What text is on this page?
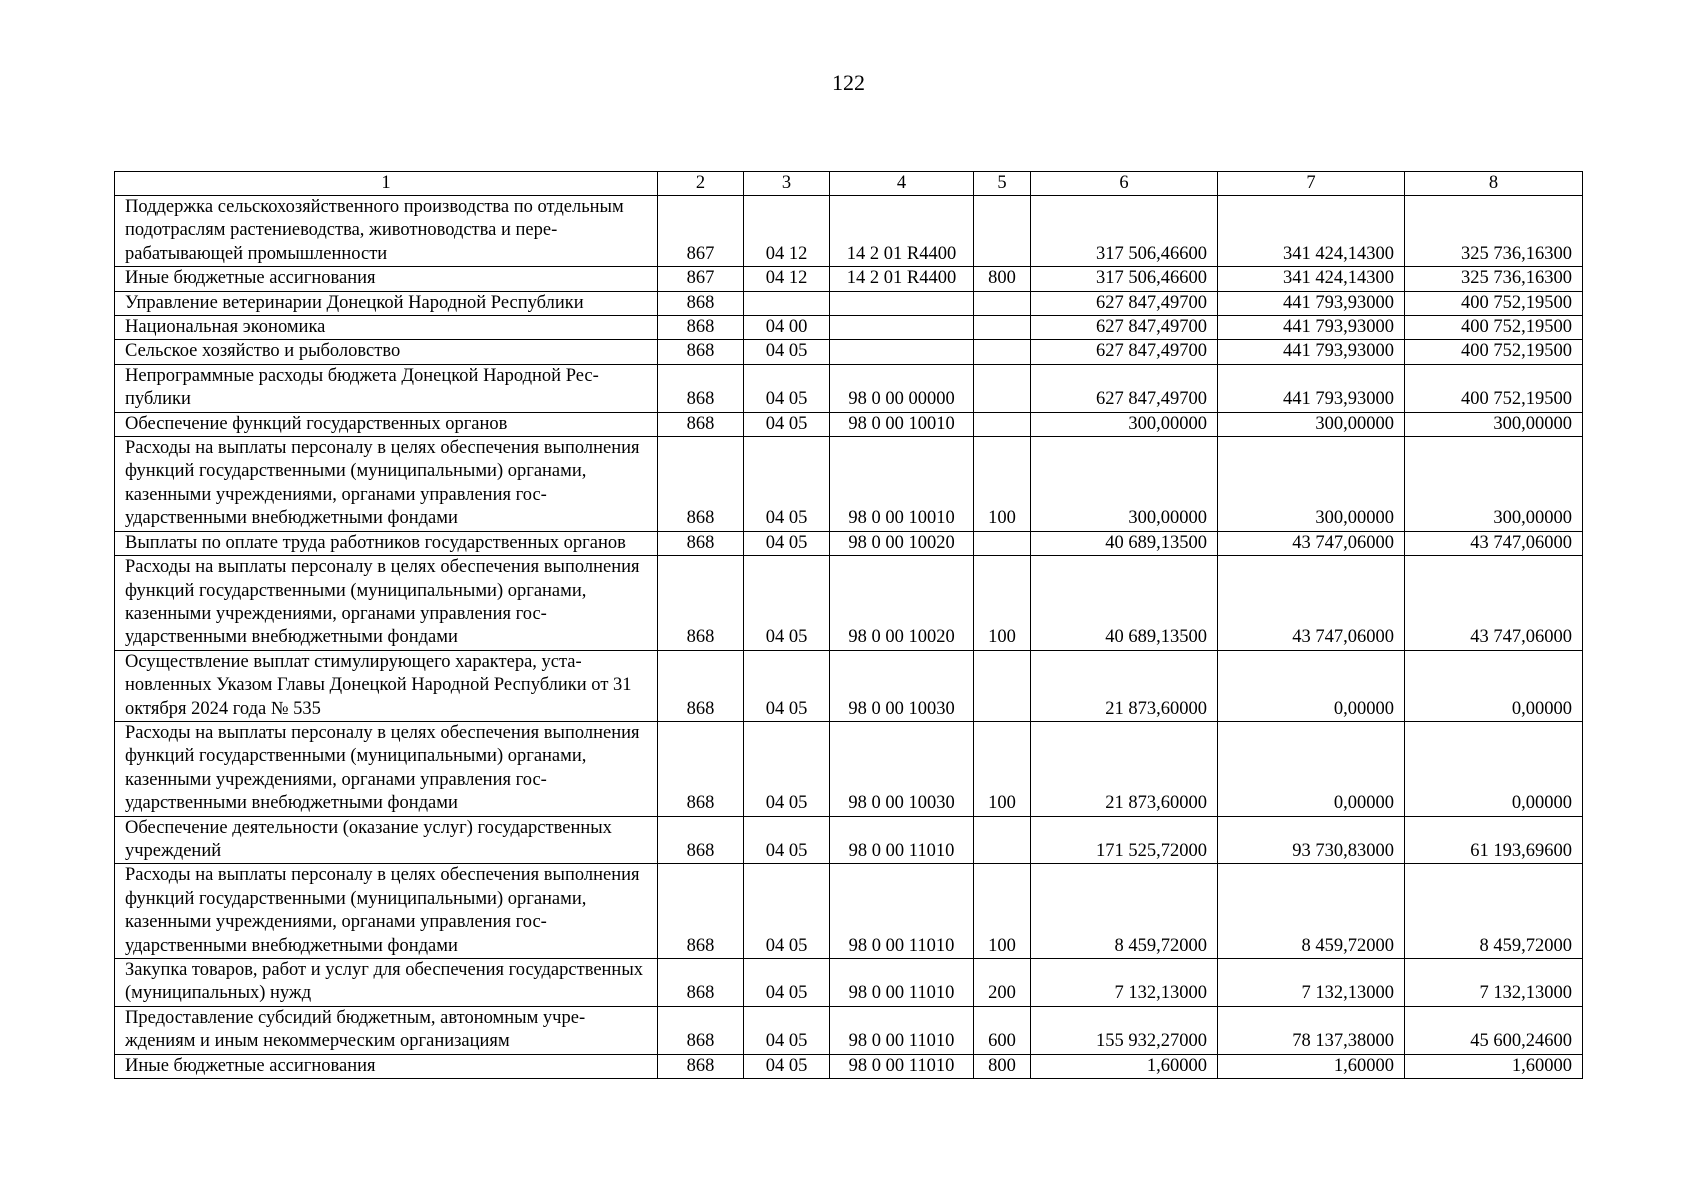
122
1	2	3	4	5	6	7	8
Поддержка сельскохозяйственного производства по отдельным подотраслям растениеводства, животноводства и перерабатывающей промышленности	867	04 12	14 2 01 R4400		317 506,46600	341 424,14300	325 736,16300
Иные бюджетные ассигнования	867	04 12	14 2 01 R4400	800	317 506,46600	341 424,14300	325 736,16300
Управление ветеринарии Донецкой Народной Республики	868				627 847,49700	441 793,93000	400 752,19500
Национальная экономика	868	04 00			627 847,49700	441 793,93000	400 752,19500
Сельское хозяйство и рыболовство	868	04 05			627 847,49700	441 793,93000	400 752,19500
Непрограммные расходы бюджета Донецкой Народной Республики	868	04 05	98 0 00 00000		627 847,49700	441 793,93000	400 752,19500
Обеспечение функций государственных органов	868	04 05	98 0 00 10010		300,00000	300,00000	300,00000
Расходы на выплаты персоналу в целях обеспечения выполнения функций государственными (муниципальными) органами, казенными учреждениями, органами управления государственными внебюджетными фондами	868	04 05	98 0 00 10010	100	300,00000	300,00000	300,00000
Выплаты по оплате труда работников государственных органов	868	04 05	98 0 00 10020		40 689,13500	43 747,06000	43 747,06000
Расходы на выплаты персоналу в целях обеспечения выполнения функций государственными (муниципальными) органами, казенными учреждениями, органами управления государственными внебюджетными фондами	868	04 05	98 0 00 10020	100	40 689,13500	43 747,06000	43 747,06000
Осуществление выплат стимулирующего характера, установленных Указом Главы Донецкой Народной Республики от 31 октября 2024 года № 535	868	04 05	98 0 00 10030		21 873,60000	0,00000	0,00000
Расходы на выплаты персоналу в целях обеспечения выполнения функций государственными (муниципальными) органами, казенными учреждениями, органами управления государственными внебюджетными фондами	868	04 05	98 0 00 10030	100	21 873,60000	0,00000	0,00000
Обеспечение деятельности (оказание услуг) государственных учреждений	868	04 05	98 0 00 11010		171 525,72000	93 730,83000	61 193,69600
Расходы на выплаты персоналу в целях обеспечения выполнения функций государственными (муниципальными) органами, казенными учреждениями, органами управления государственными внебюджетными фондами	868	04 05	98 0 00 11010	100	8 459,72000	8 459,72000	8 459,72000
Закупка товаров, работ и услуг для обеспечения государственных (муниципальных) нужд	868	04 05	98 0 00 11010	200	7 132,13000	7 132,13000	7 132,13000
Предоставление субсидий бюджетным, автономным учреждениям и иным некоммерческим организациям	868	04 05	98 0 00 11010	600	155 932,27000	78 137,38000	45 600,24600
Иные бюджетные ассигнования	868	04 05	98 0 00 11010	800	1,60000	1,60000	1,60000
